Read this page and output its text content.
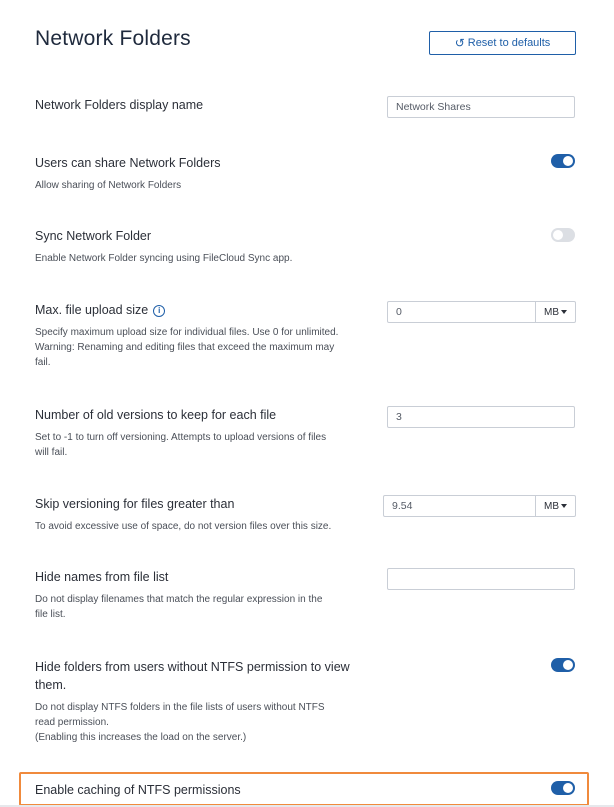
Network Folders	↺ Reset to defaults
Network Folders display name
Network Shares
Users can share Network Folders
Allow sharing of Network Folders
Sync Network Folder
Enable Network Folder syncing using FileCloud Sync app.
Max. file upload size i
Specify maximum upload size for individual files. Use 0 for unlimited.
Warning: Renaming and editing files that exceed the maximum may
fail.
0
MB
Number of old versions to keep for each file
Set to -1 to turn off versioning. Attempts to upload versions of files
will fail.
3
Skip versioning for files greater than
To avoid excessive use of space, do not version files over this size.
9.54
MB
Hide names from file list
Do not display filenames that match the regular expression in the
file list.
Hide folders from users without NTFS permission to view
them.
Do not display NTFS folders in the file lists of users without NTFS
read permission.
(Enabling this increases the load on the server.)
Enable caching of NTFS permissions
